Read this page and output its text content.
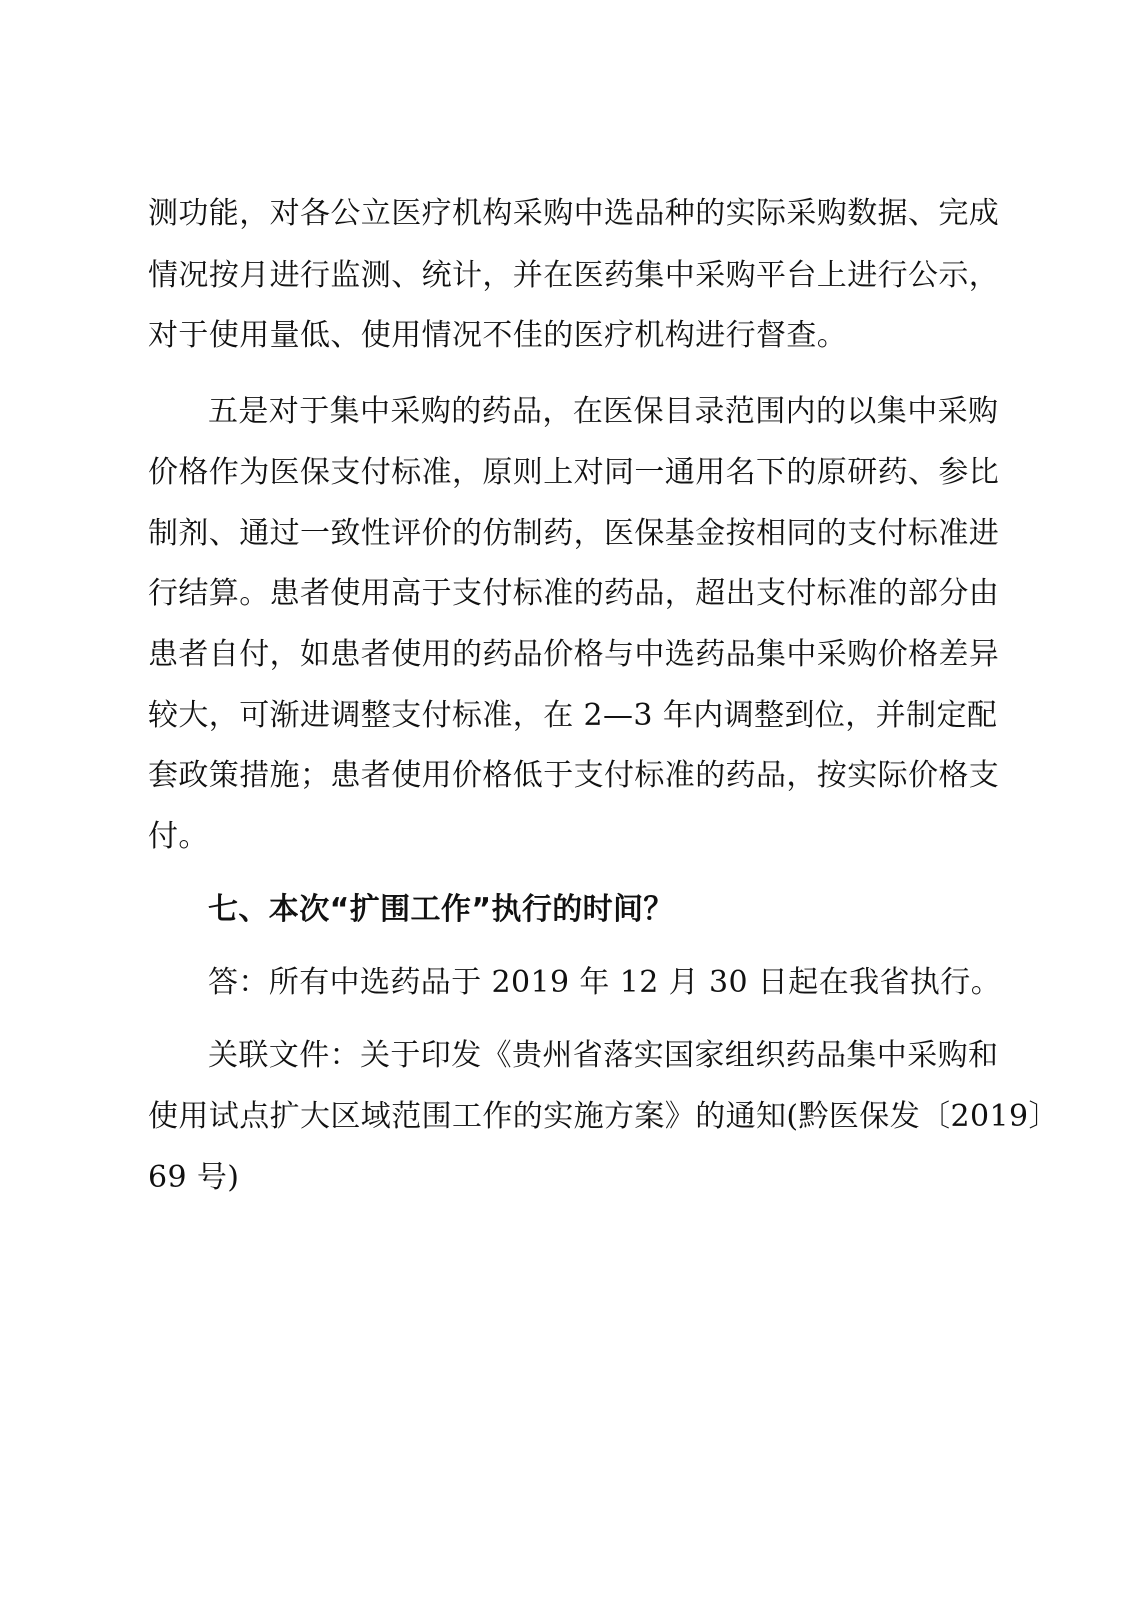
测功能，对各公立医疗机构采购中选品种的实际采购数据、完成

情况按月进行监测、统计，并在医药集中采购平台上进行公示，

对于使用量低、使用情况不佳的医疗机构进行督查。

五是对于集中采购的药品，在医保目录范围内的以集中采购

价格作为医保支付标准，原则上对同一通用名下的原研药、参比

制剂、通过一致性评价的仿制药，医保基金按相同的支付标准进

行结算。患者使用高于支付标准的药品，超出支付标准的部分由

患者自付，如患者使用的药品价格与中选药品集中采购价格差异

较大，可渐进调整支付标准，在 2—3 年内调整到位，并制定配

套政策措施；患者使用价格低于支付标准的药品，按实际价格支

付。

七、本次“扩围工作”执行的时间？

答：所有中选药品于 2019 年 12 月 30 日起在我省执行。

关联文件：关于印发《贵州省落实国家组织药品集中采购和

使用试点扩大区域范围工作的实施方案》的通知(黔医保发〔2019〕

69 号)
